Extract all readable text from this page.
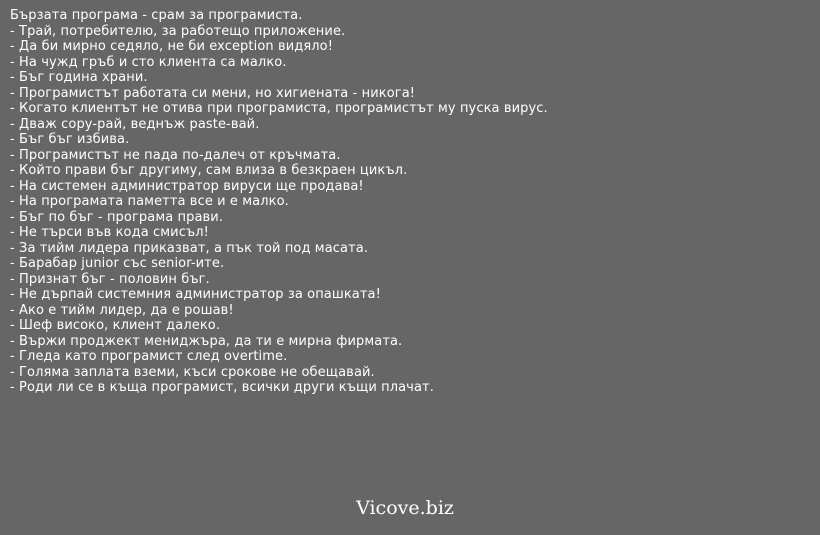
Бързата програма - срам за програмиста.
- Трай, потребителю, за работещо приложение.
- Да би мирно седяло, не би exception видяло!
- На чужд гръб и сто клиента са малко.
- Бъг година храни.
- Програмистът работата си мени, но хигиената - никога!
- Когато клиентът не отива при програмиста, програмистът му пуска вирус.
- Двaж copy-рай, веднъж paste-вай.
- Бъг бъг избива.
- Програмистът не пада по-далеч от кръчмата.
- Който прави бъг другиму, сам влиза в безкраен цикъл.
- На системен администратор вируси ще продава!
- На програмата паметта все и е малко.
- Бъг по бъг - програма прави.
- Не търси във кода смисъл!
- За тийм лидера приказват, а пък той под масата.
- Барабар junior със senior-ите.
- Признат бъг - половин бъг.
- Не дърпай системния администратор за опашката!
- Ако е тийм лидер, да е рошав!
- Шеф високо, клиент далеко.
- Вържи проджект мениджъра, да ти е мирна фирмата.
- Гледа като програмист след overtime.
- Голяма заплата вземи, къси срокове не обещавай.
- Роди ли се в къща програмист, всички други къщи плачат.
Vicove.biz
